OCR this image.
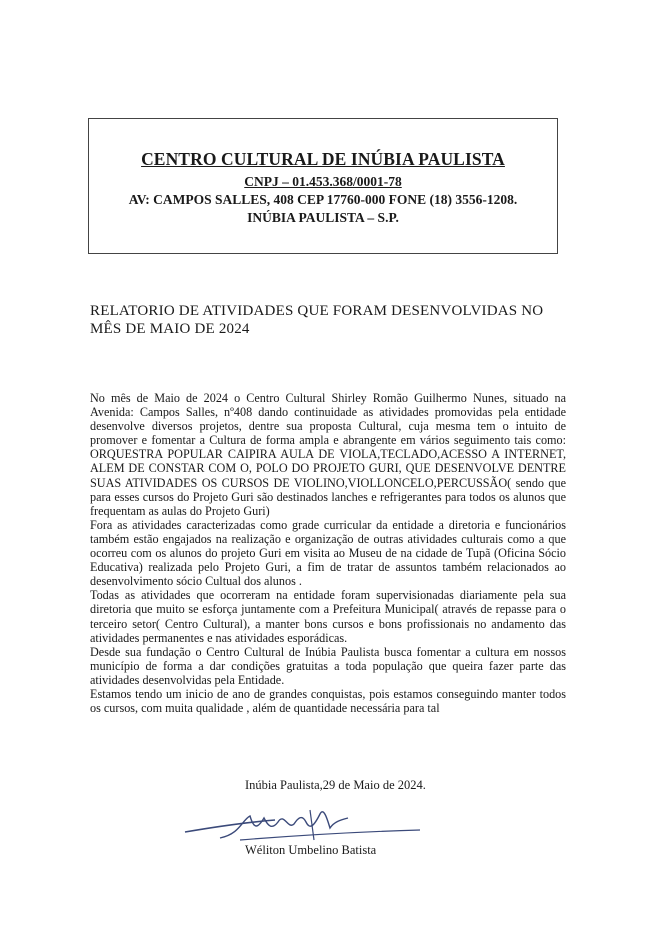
CENTRO CULTURAL DE INÚBIA PAULISTA
CNPJ – 01.453.368/0001-78
AV: CAMPOS SALLES, 408 CEP 17760-000 FONE (18) 3556-1208.
INÚBIA PAULISTA – S.P.
RELATORIO DE ATIVIDADES QUE FORAM DESENVOLVIDAS NO MÊS DE MAIO DE 2024

No mês de Maio de 2024 o Centro Cultural Shirley Romão Guilhermo Nunes, situado na Avenida: Campos Salles, nº408 dando continuidade as atividades promovidas pela entidade desenvolve diversos projetos, dentre sua proposta Cultural, cuja mesma tem o intuito de promover e fomentar a Cultura de forma ampla e abrangente em vários seguimento tais como: ORQUESTRA POPULAR CAIPIRA AULA DE VIOLA,TECLADO,ACESSO A INTERNET, ALEM DE CONSTAR COM O, POLO DO PROJETO GURI, QUE DESENVOLVE DENTRE SUAS ATIVIDADES OS CURSOS DE VIOLINO,VIOLLONCELO,PERCUSSÃO( sendo que para esses cursos do Projeto Guri são destinados lanches e refrigerantes para todos os alunos que frequentam as aulas do Projeto Guri)

Fora as atividades caracterizadas como grade curricular da entidade a diretoria e funcionários também estão engajados na realização e organização de outras atividades culturais como a que ocorreu com os alunos do projeto Guri em visita ao Museu de na cidade de Tupã (Oficina Sócio Educativa) realizada pelo Projeto Guri, a fim de tratar de assuntos também relacionados ao desenvolvimento sócio Cultual dos alunos .

Todas as atividades que ocorreram na entidade foram supervisionadas diariamente pela sua diretoria que muito se esforça juntamente com a Prefeitura Municipal( através de repasse para o terceiro setor( Centro Cultural), a manter bons cursos e bons profissionais no andamento das atividades permanentes e nas atividades esporádicas.

Desde sua fundação o Centro Cultural de Inúbia Paulista busca fomentar a cultura em nossos município de forma a dar condições gratuitas a toda população que queira fazer parte das atividades desenvolvidas pela Entidade.

Estamos tendo um inicio de ano de grandes conquistas, pois estamos conseguindo manter todos os cursos, com muita qualidade , além de quantidade necessária para tal

Inúbia Paulista,29 de Maio de 2024.
Wéliton Umbelino Batista
